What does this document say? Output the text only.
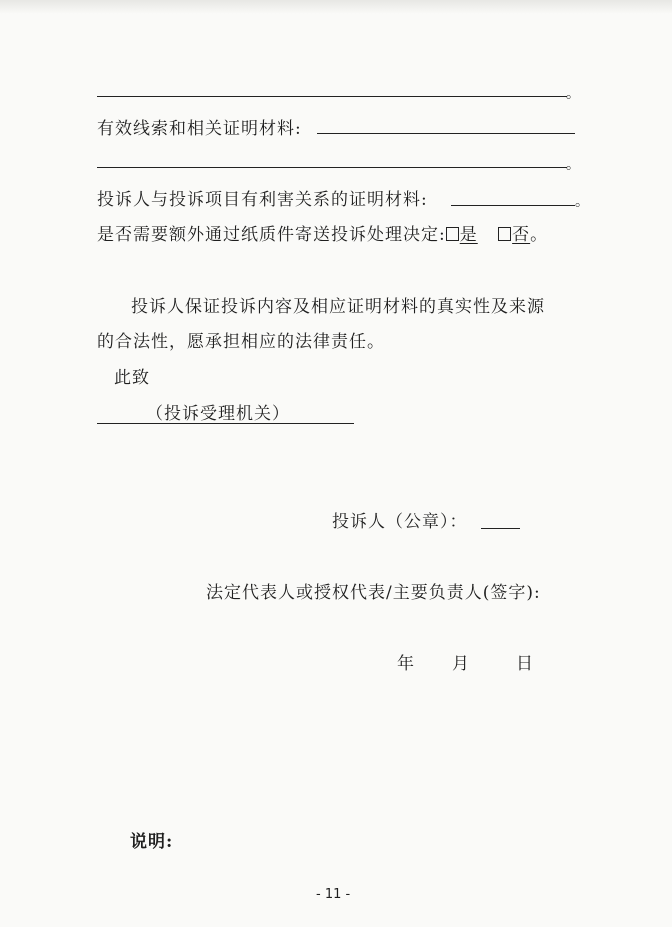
。
有效线索和相关证明材料:
。
投诉人与投诉项目有利害关系的证明材料:	。
是否需要额外通过纸质件寄送投诉处理决定: 是 否。
投诉人保证投诉内容及相应证明材料的真实性及来源
的合法性，愿承担相应的法律责任。
此致
（投诉受理机关）
投诉人（公章）：
法定代表人或授权代表/主要负责人(签字):
年 月	日
说明:
- 11 -
